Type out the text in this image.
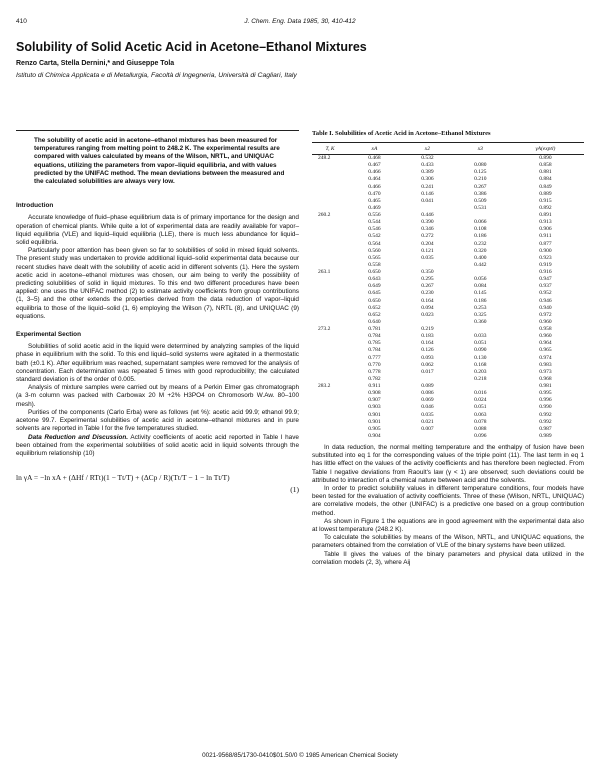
410	J. Chem. Eng. Data 1985, 30, 410-412
Solubility of Solid Acetic Acid in Acetone–Ethanol Mixtures
Renzo Carta, Stella Dernini,* and Giuseppe Tola
Istituto di Chimica Applicata e di Metallurgia, Facoltà di Ingegneria, Università di Cagliari, Italy
The solubility of acetic acid in acetone–ethanol mixtures has been measured for temperatures ranging from melting point to 248.2 K. The experimental results are compared with values calculated by means of the Wilson, NRTL, and UNIQUAC equations, utilizing the parameters from vapor–liquid equilibria, and with values predicted by the UNIFAC method. The mean deviations between the measured and the calculated solubilities are always very low.
Introduction

Accurate knowledge of fluid–phase equilibrium data is of primary importance for the design and operation of chemical plants. While quite a lot of experimental data are readily available for vapor–liquid equilibria (VLE) and liquid–liquid equilibria (LLE), there is much less abundance for liquid–solid equilibria.

Particularly poor attention has been given so far to solubilities of solid in mixed liquid solvents. The present study was undertaken to provide additional liquid–solid experimental data because our recent studies have dealt with the solubility of acetic acid in different solvents (1). Here the system acetic acid in acetone–ethanol mixtures was chosen, our aim being to verify the possibility of predicting solubilities of solid in liquid mixtures. To this end two different procedures have been applied: one uses the UNIFAC method (2) to estimate activity coefficients from group contributions (1, 3–5) and the other extends the properties derived from the data reduction of vapor–liquid equilibria to those of the liquid–solid (1, 6) employing the Wilson (7), NRTL (8), and UNIQUAC (9) equations.

Experimental Section

Solubilities of solid acetic acid in the liquid were determined by analyzing samples of the liquid phase in equilibrium with the solid. To this end liquid–solid systems were agitated in a thermostatic bath (±0.1 K). After equilibrium was reached, supernatant samples were removed for the analysis of concentration. Each determination was repeated 5 times with good reproducibility; the calculated standard deviation is of the order of 0.005.

Analysis of mixture samples were carried out by means of a Perkin Elmer gas chromatograph (a 3-m column was packed with Carbowax 20 M +2% H3PO4 on Chromosorb W.Aw. 80–100 mesh).

Purities of the components (Carlo Erba) were as follows (wt %): acetic acid 99.9; ethanol 99.9; acetone 99.7. Experimental solubilities of acetic acid in acetone–ethanol mixtures and in pure solvents are reported in Table I for the five temperatures studied.

Data Reduction and Discussion. Activity coefficients of acetic acid reported in Table I have been obtained from the experimental solubilities of solid acetic acid in liquid solvents through the equilibrium relationship (10)

ln γA = −ln xA + (ΔHf / RTt)(1 − Tt/T) + (ΔCp / R)(Tt/T − 1 − ln Tt/T)
(1)
Table I. Solubilities of Acetic Acid in Acetone–Ethanol Mixtures
T, K	xA	x2	x3	γA(exptl)
248.2	0.468	0.532		0.890
	0.467	0.433	0.080	0.858
	0.466	0.389	0.125	0.881
	0.464	0.306	0.210	0.884
	0.466	0.241	0.267	0.849
	0.470	0.146	0.386	0.889
	0.465	0.041	0.509	0.915
	0.469		0.531	0.892
260.2	0.556	0.446		0.891
	0.544	0.390	0.066	0.913
	0.546	0.346	0.108	0.906
	0.542	0.272	0.186	0.911
	0.564	0.204	0.232	0.877
	0.560	0.121	0.320	0.900
	0.565	0.035	0.400	0.923
	0.558		0.442	0.919
263.1	0.650	0.350		0.916
	0.643	0.295	0.056	0.947
	0.649	0.267	0.084	0.937
	0.645	0.230	0.145	0.952
	0.650	0.164	0.186	0.946
	0.652	0.094	0.253	0.940
	0.652	0.023	0.325	0.972
	0.640		0.360	0.960
273.2	0.781	0.219		0.958
	0.784	0.183	0.033	0.960
	0.785	0.164	0.051	0.964
	0.784	0.126	0.090	0.965
	0.777	0.093	0.130	0.974
	0.770	0.062	0.168	0.983
	0.778	0.017	0.203	0.973
	0.782		0.218	0.968
283.2	0.911	0.089		0.981
	0.908	0.086	0.016	0.995
	0.907	0.069	0.024	0.996
	0.903	0.046	0.051	0.990
	0.901	0.035	0.063	0.992
	0.901	0.021	0.078	0.992
	0.905	0.007	0.088	0.987
	0.904		0.096	0.989

In data reduction, the normal melting temperature and the enthalpy of fusion have been substituted into eq 1 for the corresponding values of the triple point (11). The last term in eq 1 has little effect on the values of the activity coefficients and has therefore been neglected. From Table I negative deviations from Raoult's law (γ < 1) are observed; such deviations could be attributed to interaction of a chemical nature between acid and the solvents.

In order to predict solubility values in different temperature conditions, four models have been tested for the evaluation of activity coefficients. Three of these (Wilson, NRTL, UNIQUAC) are correlative models, the other (UNIFAC) is a predictive one based on a group contribution method.

As shown in Figure 1 the equations are in good agreement with the experimental data also at lowest temperature (248.2 K).

To calculate the solubilities by means of the Wilson, NRTL, and UNIQUAC equations, the parameters obtained from the correlation of VLE of the binary systems have been utilized.

Table II gives the values of the binary parameters and physical data utilized in the correlation models (2, 3), where Aij

0021-9568/85/1730-0410$01.50/0 © 1985 American Chemical Society
